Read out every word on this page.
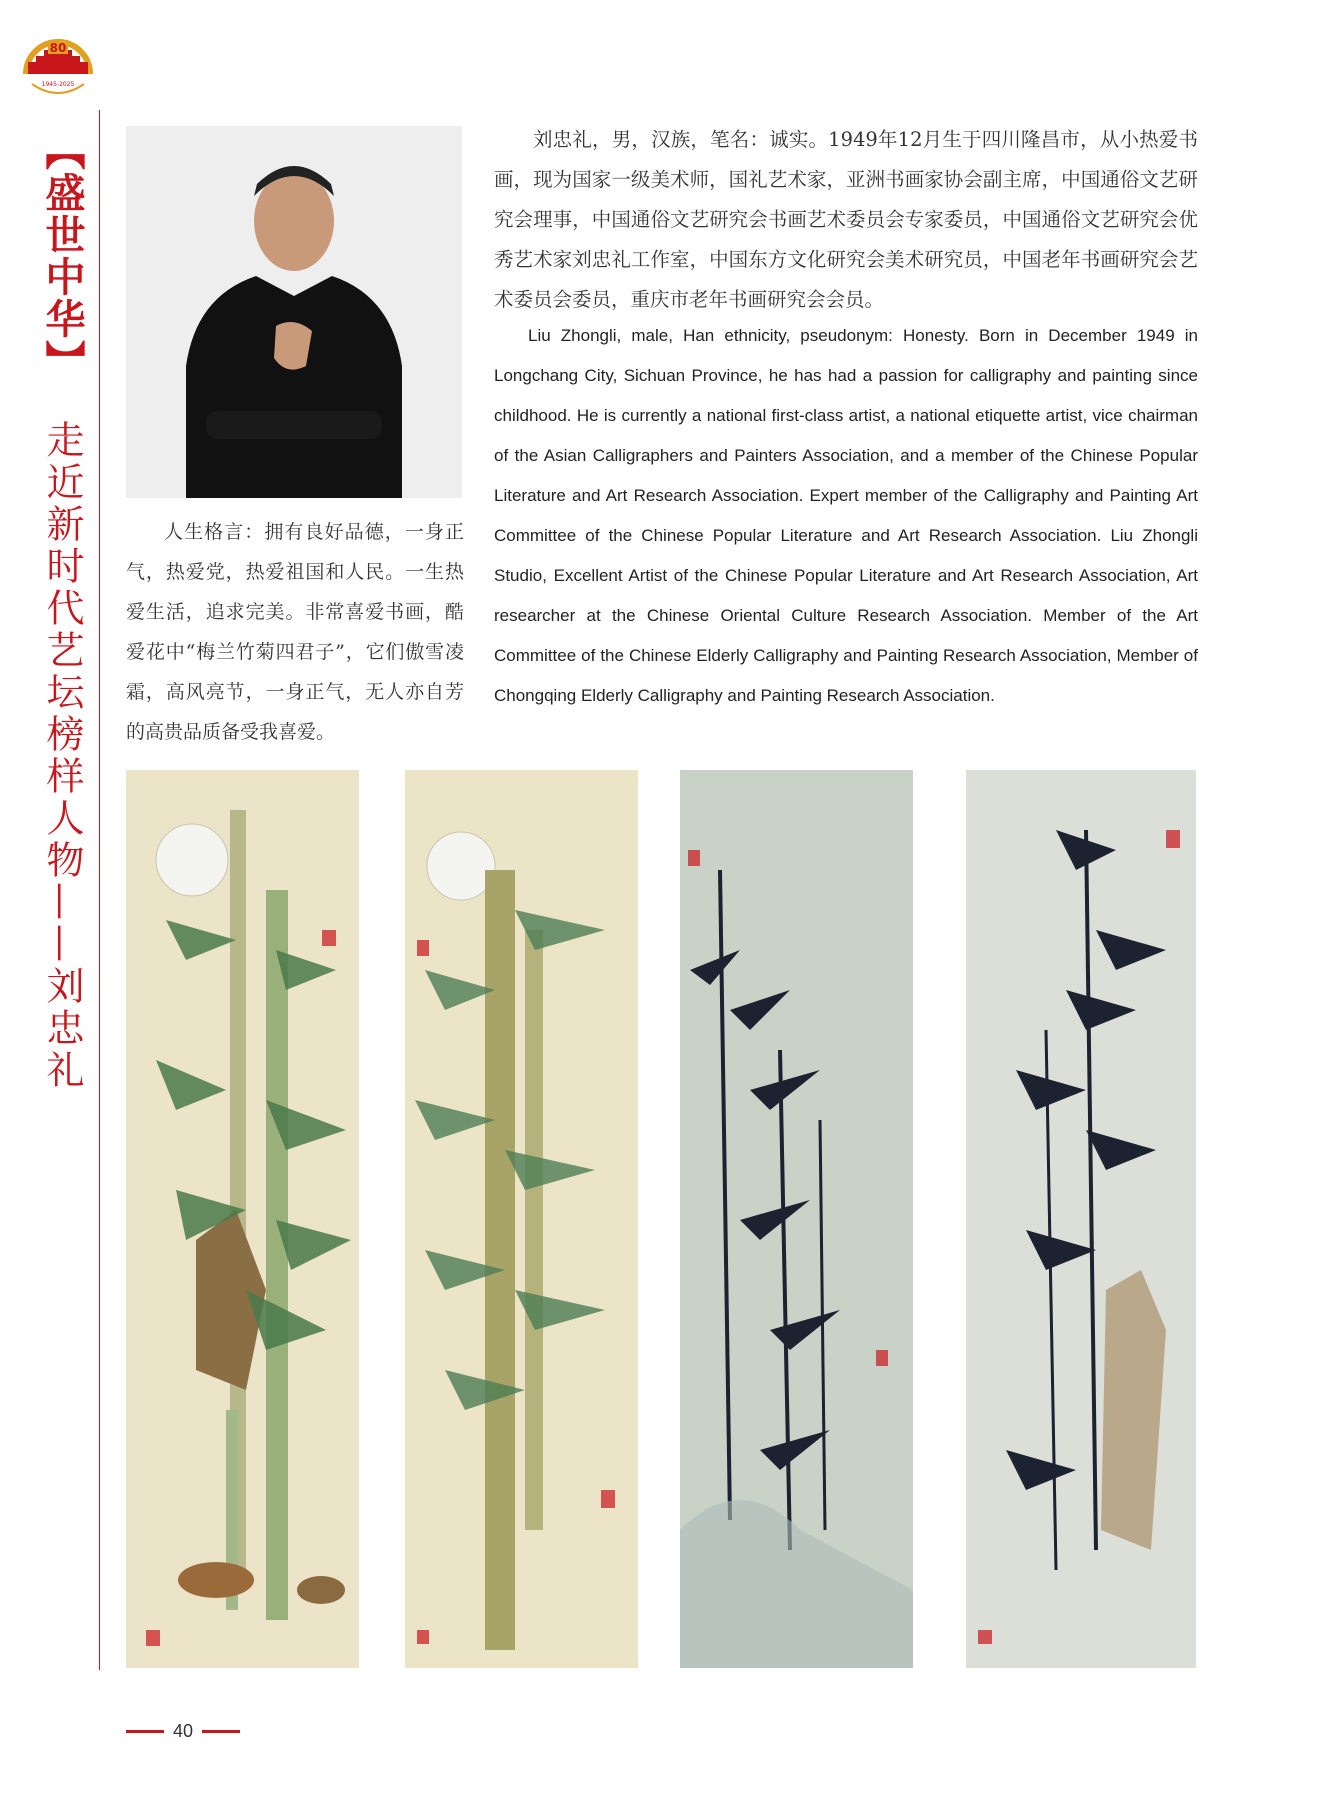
80
1945-2025
【盛世中华】
走近新时代艺坛榜样人物——刘忠礼	人生格言：拥有良好品德，一身正气，热爱党，热爱祖国和人民。一生热爱生活，追求完美。非常喜爱书画，酷爱花中“梅兰竹菊四君子”，它们傲雪凌霜，高风亮节，一身正气，无人亦自芳的高贵品质备受我喜爱。
刘忠礼，男，汉族，笔名：诚实。1949年12月生于四川隆昌市，从小热爱书画，现为国家一级美术师，国礼艺术家，亚洲书画家协会副主席，中国通俗文艺研究会理事，中国通俗文艺研究会书画艺术委员会专家委员，中国通俗文艺研究会优秀艺术家刘忠礼工作室，中国东方文化研究会美术研究员，中国老年书画研究会艺术委员会委员，重庆市老年书画研究会会员。
Liu Zhongli, male, Han ethnicity, pseudonym: Honesty. Born in December 1949 in Longchang City, Sichuan Province, he has had a passion for calligraphy and painting since childhood. He is currently a national first-class artist, a national etiquette artist, vice chairman of the Asian Calligraphers and Painters Association, and a member of the Chinese Popular Literature and Art Research Association. Expert member of the Calligraphy and Painting Art Committee of the Chinese Popular Literature and Art Research Association. Liu Zhongli Studio, Excellent Artist of the Chinese Popular Literature and Art Research Association, Art researcher at the Chinese Oriental Culture Research Association. Member of the Art Committee of the Chinese Elderly Calligraphy and Painting Research Association, Member of Chongqing Elderly Calligraphy and Painting Research Association.
40
